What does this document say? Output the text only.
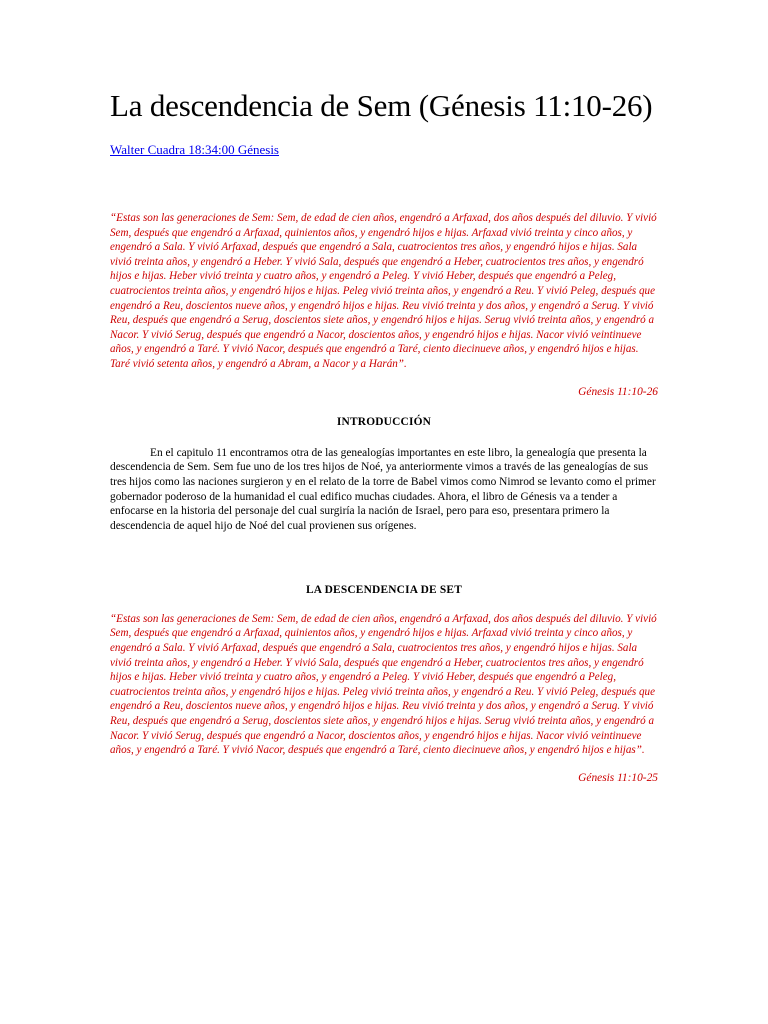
La descendencia de Sem (Génesis 11:10-26)
Walter Cuadra 18:34:00 Génesis

“Estas son las generaciones de Sem: Sem, de edad de cien años, engendró a Arfaxad, dos años después del diluvio. Y vivió Sem, después que engendró a Arfaxad, quinientos años, y engendró hijos e hijas. Arfaxad vivió treinta y cinco años, y engendró a Sala. Y vivió Arfaxad, después que engendró a Sala, cuatrocientos tres años, y engendró hijos e hijas. Sala vivió treinta años, y engendró a Heber. Y vivió Sala, después que engendró a Heber, cuatrocientos tres años, y engendró hijos e hijas. Heber vivió treinta y cuatro años, y engendró a Peleg. Y vivió Heber, después que engendró a Peleg, cuatrocientos treinta años, y engendró hijos e hijas. Peleg vivió treinta años, y engendró a Reu. Y vivió Peleg, después que engendró a Reu, doscientos nueve años, y engendró hijos e hijas. Reu vivió treinta y dos años, y engendró a Serug. Y vivió Reu, después que engendró a Serug, doscientos siete años, y engendró hijos e hijas. Serug vivió treinta años, y engendró a Nacor. Y vivió Serug, después que engendró a Nacor, doscientos años, y engendró hijos e hijas. Nacor vivió veintinueve años, y engendró a Taré. Y vivió Nacor, después que engendró a Taré, ciento diecinueve años, y engendró hijos e hijas. Taré vivió setenta años, y engendró a Abram, a Nacor y a Harán”.

Génesis 11:10-26

INTRODUCCIÓN

En el capitulo 11 encontramos otra de las genealogías importantes en este libro, la genealogía que presenta la descendencia de Sem. Sem fue uno de los tres hijos de Noé, ya anteriormente vimos a través de las genealogías de sus tres hijos como las naciones surgieron y en el relato de la torre de Babel vimos como Nimrod se levanto como el primer gobernador poderoso de la humanidad el cual edifico muchas ciudades. Ahora, el libro de Génesis va a tender a enfocarse en la historia del personaje del cual surgiría la nación de Israel, pero para eso, presentara primero la descendencia de aquel hijo de Noé del cual provienen sus orígenes.

LA DESCENDENCIA DE SET

“Estas son las generaciones de Sem: Sem, de edad de cien años, engendró a Arfaxad, dos años después del diluvio. Y vivió Sem, después que engendró a Arfaxad, quinientos años, y engendró hijos e hijas. Arfaxad vivió treinta y cinco años, y engendró a Sala. Y vivió Arfaxad, después que engendró a Sala, cuatrocientos tres años, y engendró hijos e hijas. Sala vivió treinta años, y engendró a Heber. Y vivió Sala, después que engendró a Heber, cuatrocientos tres años, y engendró hijos e hijas. Heber vivió treinta y cuatro años, y engendró a Peleg. Y vivió Heber, después que engendró a Peleg, cuatrocientos treinta años, y engendró hijos e hijas. Peleg vivió treinta años, y engendró a Reu. Y vivió Peleg, después que engendró a Reu, doscientos nueve años, y engendró hijos e hijas. Reu vivió treinta y dos años, y engendró a Serug. Y vivió Reu, después que engendró a Serug, doscientos siete años, y engendró hijos e hijas. Serug vivió treinta años, y engendró a Nacor. Y vivió Serug, después que engendró a Nacor, doscientos años, y engendró hijos e hijas. Nacor vivió veintinueve años, y engendró a Taré. Y vivió Nacor, después que engendró a Taré, ciento diecinueve años, y engendró hijos e hijas”.

Génesis 11:10-25
